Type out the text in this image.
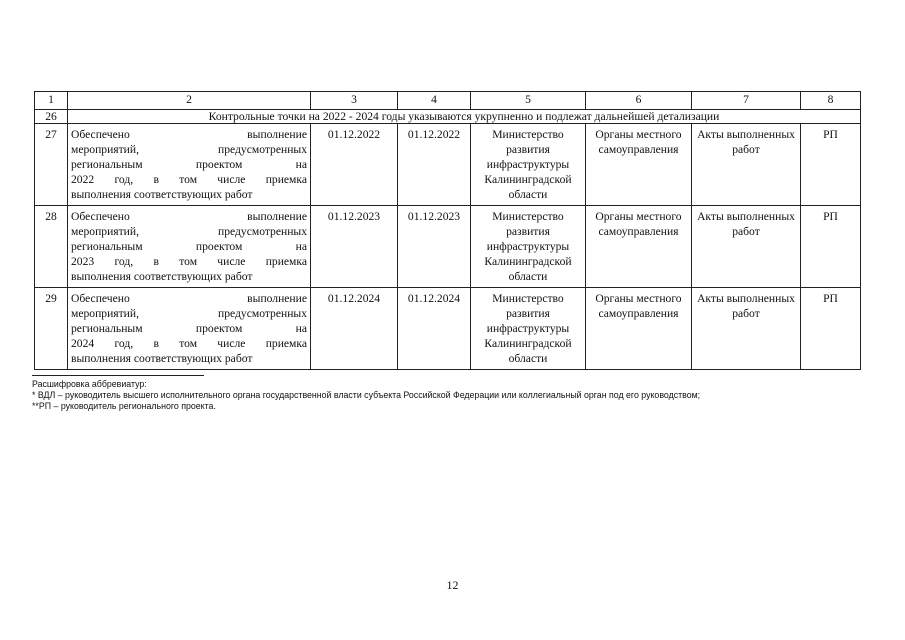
1	2	3	4	5	6	7	8
26	Контрольные точки на 2022 - 2024 годы указываются укрупненно и подлежат дальнейшей детализации						
27	Обеспечено выполнение
мероприятий, предусмотренных
региональным проектом на
2022 год, в том числе приемка
выполнения соответствующих работ	01.12.2022	01.12.2022	Министерство развития инфраструктуры Калининградской области	Органы местного самоуправления	Акты выполненных работ	РП
28	Обеспечено выполнение
мероприятий, предусмотренных
региональным проектом на
2023 год, в том числе приемка
выполнения соответствующих работ	01.12.2023	01.12.2023	Министерство развития инфраструктуры Калининградской области	Органы местного самоуправления	Акты выполненных работ	РП
29	Обеспечено выполнение
мероприятий, предусмотренных
региональным проектом на
2024 год, в том числе приемка
выполнения соответствующих работ	01.12.2024	01.12.2024	Министерство развития инфраструктуры Калининградской области	Органы местного самоуправления	Акты выполненных работ	РП
Расшифровка аббревиатур:
* ВДЛ – руководитель высшего исполнительного органа государственной власти субъекта Российской Федерации или коллегиальный орган под его руководством;
**РП – руководитель регионального проекта.
12
